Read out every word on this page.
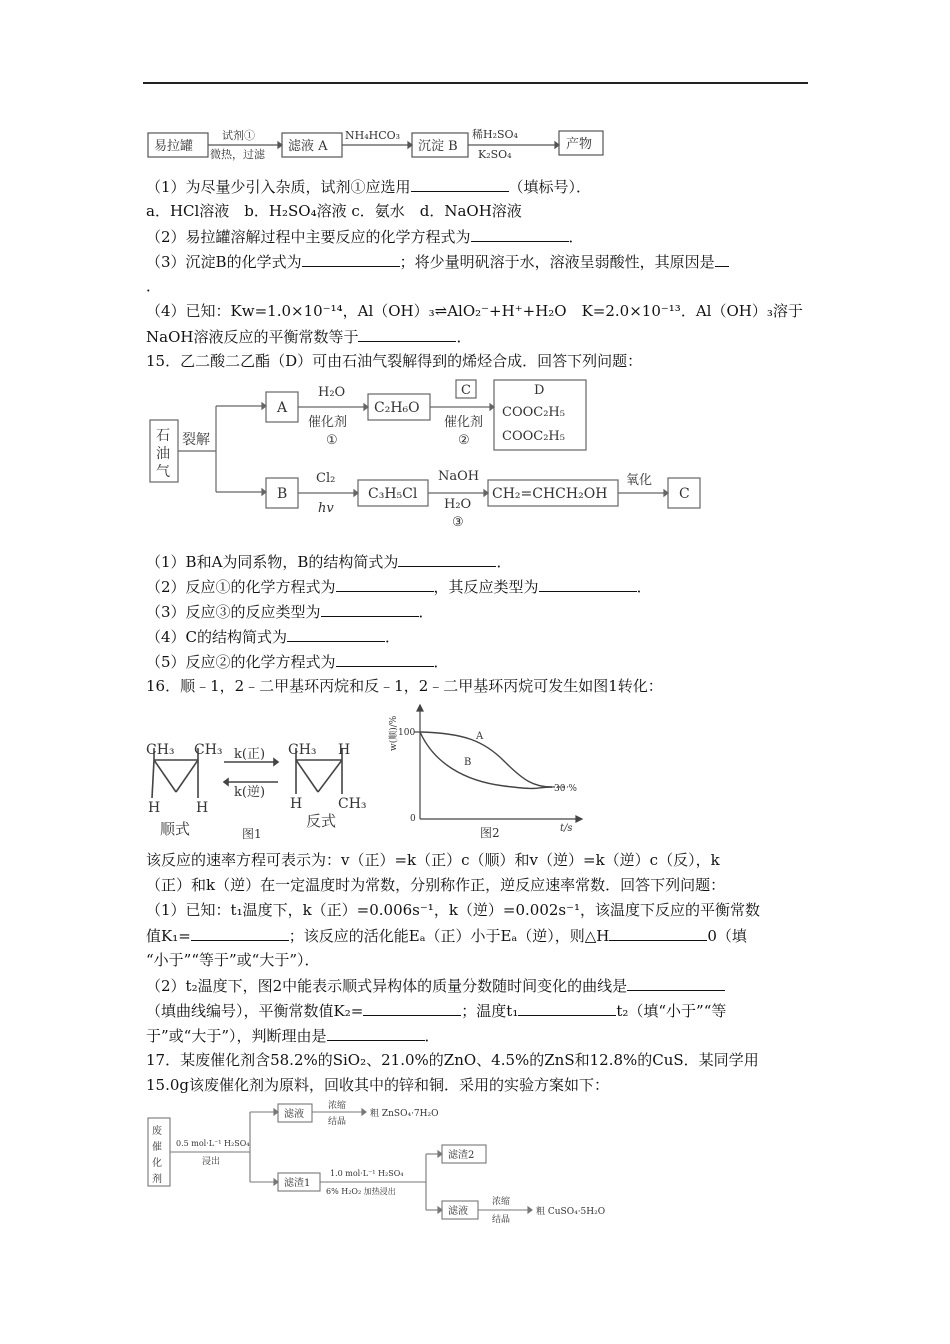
易拉罐
试剂①
微热，过滤
滤液 A
NH₄HCO₃
沉淀 B
稀H₂SO₄
K₂SO₄
产物
（1）为尽量少引入杂质，试剂①应选用	（填标号）．
a．HCl溶液　b．H₂SO₄溶液 c．氨水　d．NaOH溶液
（2）易拉罐溶解过程中主要反应的化学方程式为	．
（3）沉淀B的化学式为	；将少量明矾溶于水，溶液呈弱酸性，其原因是
．
（4）已知：Kw=1.0×10⁻¹⁴，Al（OH）₃⇌AlO₂⁻+H⁺+H₂O　K=2.0×10⁻¹³．Al（OH）₃溶于
NaOH溶液反应的平衡常数等于	．
15．乙二酸二乙酯（D）可由石油气裂解得到的烯烃合成．回答下列问题：
石
油
气
裂解
A
H₂O
催化剂
①
C₂H₆O
C
催化剂
②
D
COOC₂H₅
COOC₂H₅
B
Cl₂
hv
C₃H₅Cl
NaOH
H₂O
③
CH₂=CHCH₂OH
氧化
C
（1）B和A为同系物，B的结构简式为	．
（2）反应①的化学方程式为	，其反应类型为	．
（3）反应③的反应类型为	．
（4）C的结构简式为	．
（5）反应②的化学方程式为	．
16．顺﹣1，2﹣二甲基环丙烷和反﹣1，2﹣二甲基环丙烷可发生如图1转化：
CH₃ CH₃
H	H
k(正)
k(逆)
CH₃ H
H	CH₃
顺式	反式
图1
w(顺)/% 100
0
A
B
30 %
t/s
图2
该反应的速率方程可表示为：v（正）=k（正）c（顺）和v（逆）=k（逆）c（反），k
（正）和k（逆）在一定温度时为常数，分别称作正，逆反应速率常数．回答下列问题：
（1）已知：t₁温度下，k（正）=0.006s⁻¹，k（逆）=0.002s⁻¹，该温度下反应的平衡常数
值K₁=	；该反应的活化能Eₐ（正）小于Eₐ（逆），则△H	0（填
“小于”“等于”或“大于”）．
（2）t₂温度下，图2中能表示顺式异构体的质量分数随时间变化的曲线是
（填曲线编号），平衡常数值K₂=	；温度t₁	t₂（填“小于”“等
于”或“大于”），判断理由是	．
17．某废催化剂含58.2%的SiO₂、21.0%的ZnO、4.5%的ZnS和12.8%的CuS．某同学用
15.0g该废催化剂为原料，回收其中的锌和铜．采用的实验方案如下：
废
催
化
剂
0.5 mol·L⁻¹ H₂SO₄
浸出
滤液
浓缩
结晶
粗 ZnSO₄·7H₂O
滤渣1
1.0 mol·L⁻¹ H₂SO₄
6% H₂O₂ 加热浸出
滤渣2
滤液
浓缩
结晶
粗 CuSO₄·5H₂O
